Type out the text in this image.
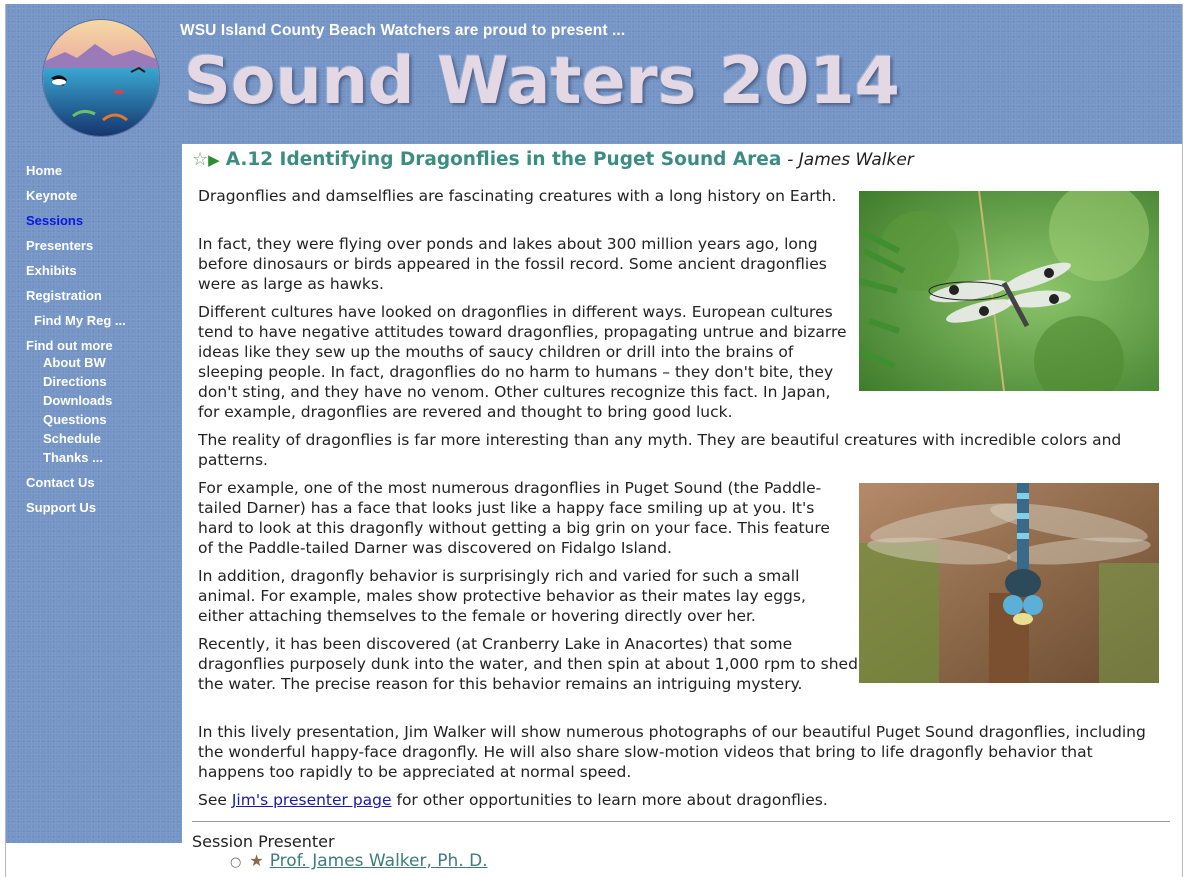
WSU Island County Beach Watchers are proud to present ...
Sound Waters 2014
Home
Keynote
Sessions
Presenters
Exhibits
Registration
Find My Reg ...
Find out more
About BW
Directions
Downloads
Questions
Schedule
Thanks ...
Contact Us
Support Us
☆▶ A.12 Identifying Dragonflies in the Puget Sound Area - James Walker

Dragonflies and damselflies are fascinating creatures with a long history on Earth.

In fact, they were flying over ponds and lakes about 300 million years ago, long before dinosaurs or birds appeared in the fossil record. Some ancient dragonflies were as large as hawks.

Different cultures have looked on dragonflies in different ways. European cultures tend to have negative attitudes toward dragonflies, propagating untrue and bizarre ideas like they sew up the mouths of saucy children or drill into the brains of sleeping people. In fact, dragonflies do no harm to humans – they don't bite, they don't sting, and they have no venom. Other cultures recognize this fact. In Japan, for example, dragonflies are revered and thought to bring good luck.

The reality of dragonflies is far more interesting than any myth. They are beautiful creatures with incredible colors and patterns.

For example, one of the most numerous dragonflies in Puget Sound (the Paddle-tailed Darner) has a face that looks just like a happy face smiling up at you. It's hard to look at this dragonfly without getting a big grin on your face. This feature of the Paddle-tailed Darner was discovered on Fidalgo Island.

In addition, dragonfly behavior is surprisingly rich and varied for such a small animal. For example, males show protective behavior as their mates lay eggs, either attaching themselves to the female or hovering directly over her.

Recently, it has been discovered (at Cranberry Lake in Anacortes) that some dragonflies purposely dunk into the water, and then spin at about 1,000 rpm to shed the water. The precise reason for this behavior remains an intriguing mystery.

In this lively presentation, Jim Walker will show numerous photographs of our beautiful Puget Sound dragonflies, including the wonderful happy-face dragonfly. He will also share slow-motion videos that bring to life dragonfly behavior that happens too rapidly to be appreciated at normal speed.

See Jim's presenter page for other opportunities to learn more about dragonflies.

Session Presenter
○ ★ Prof. James Walker, Ph. D.
